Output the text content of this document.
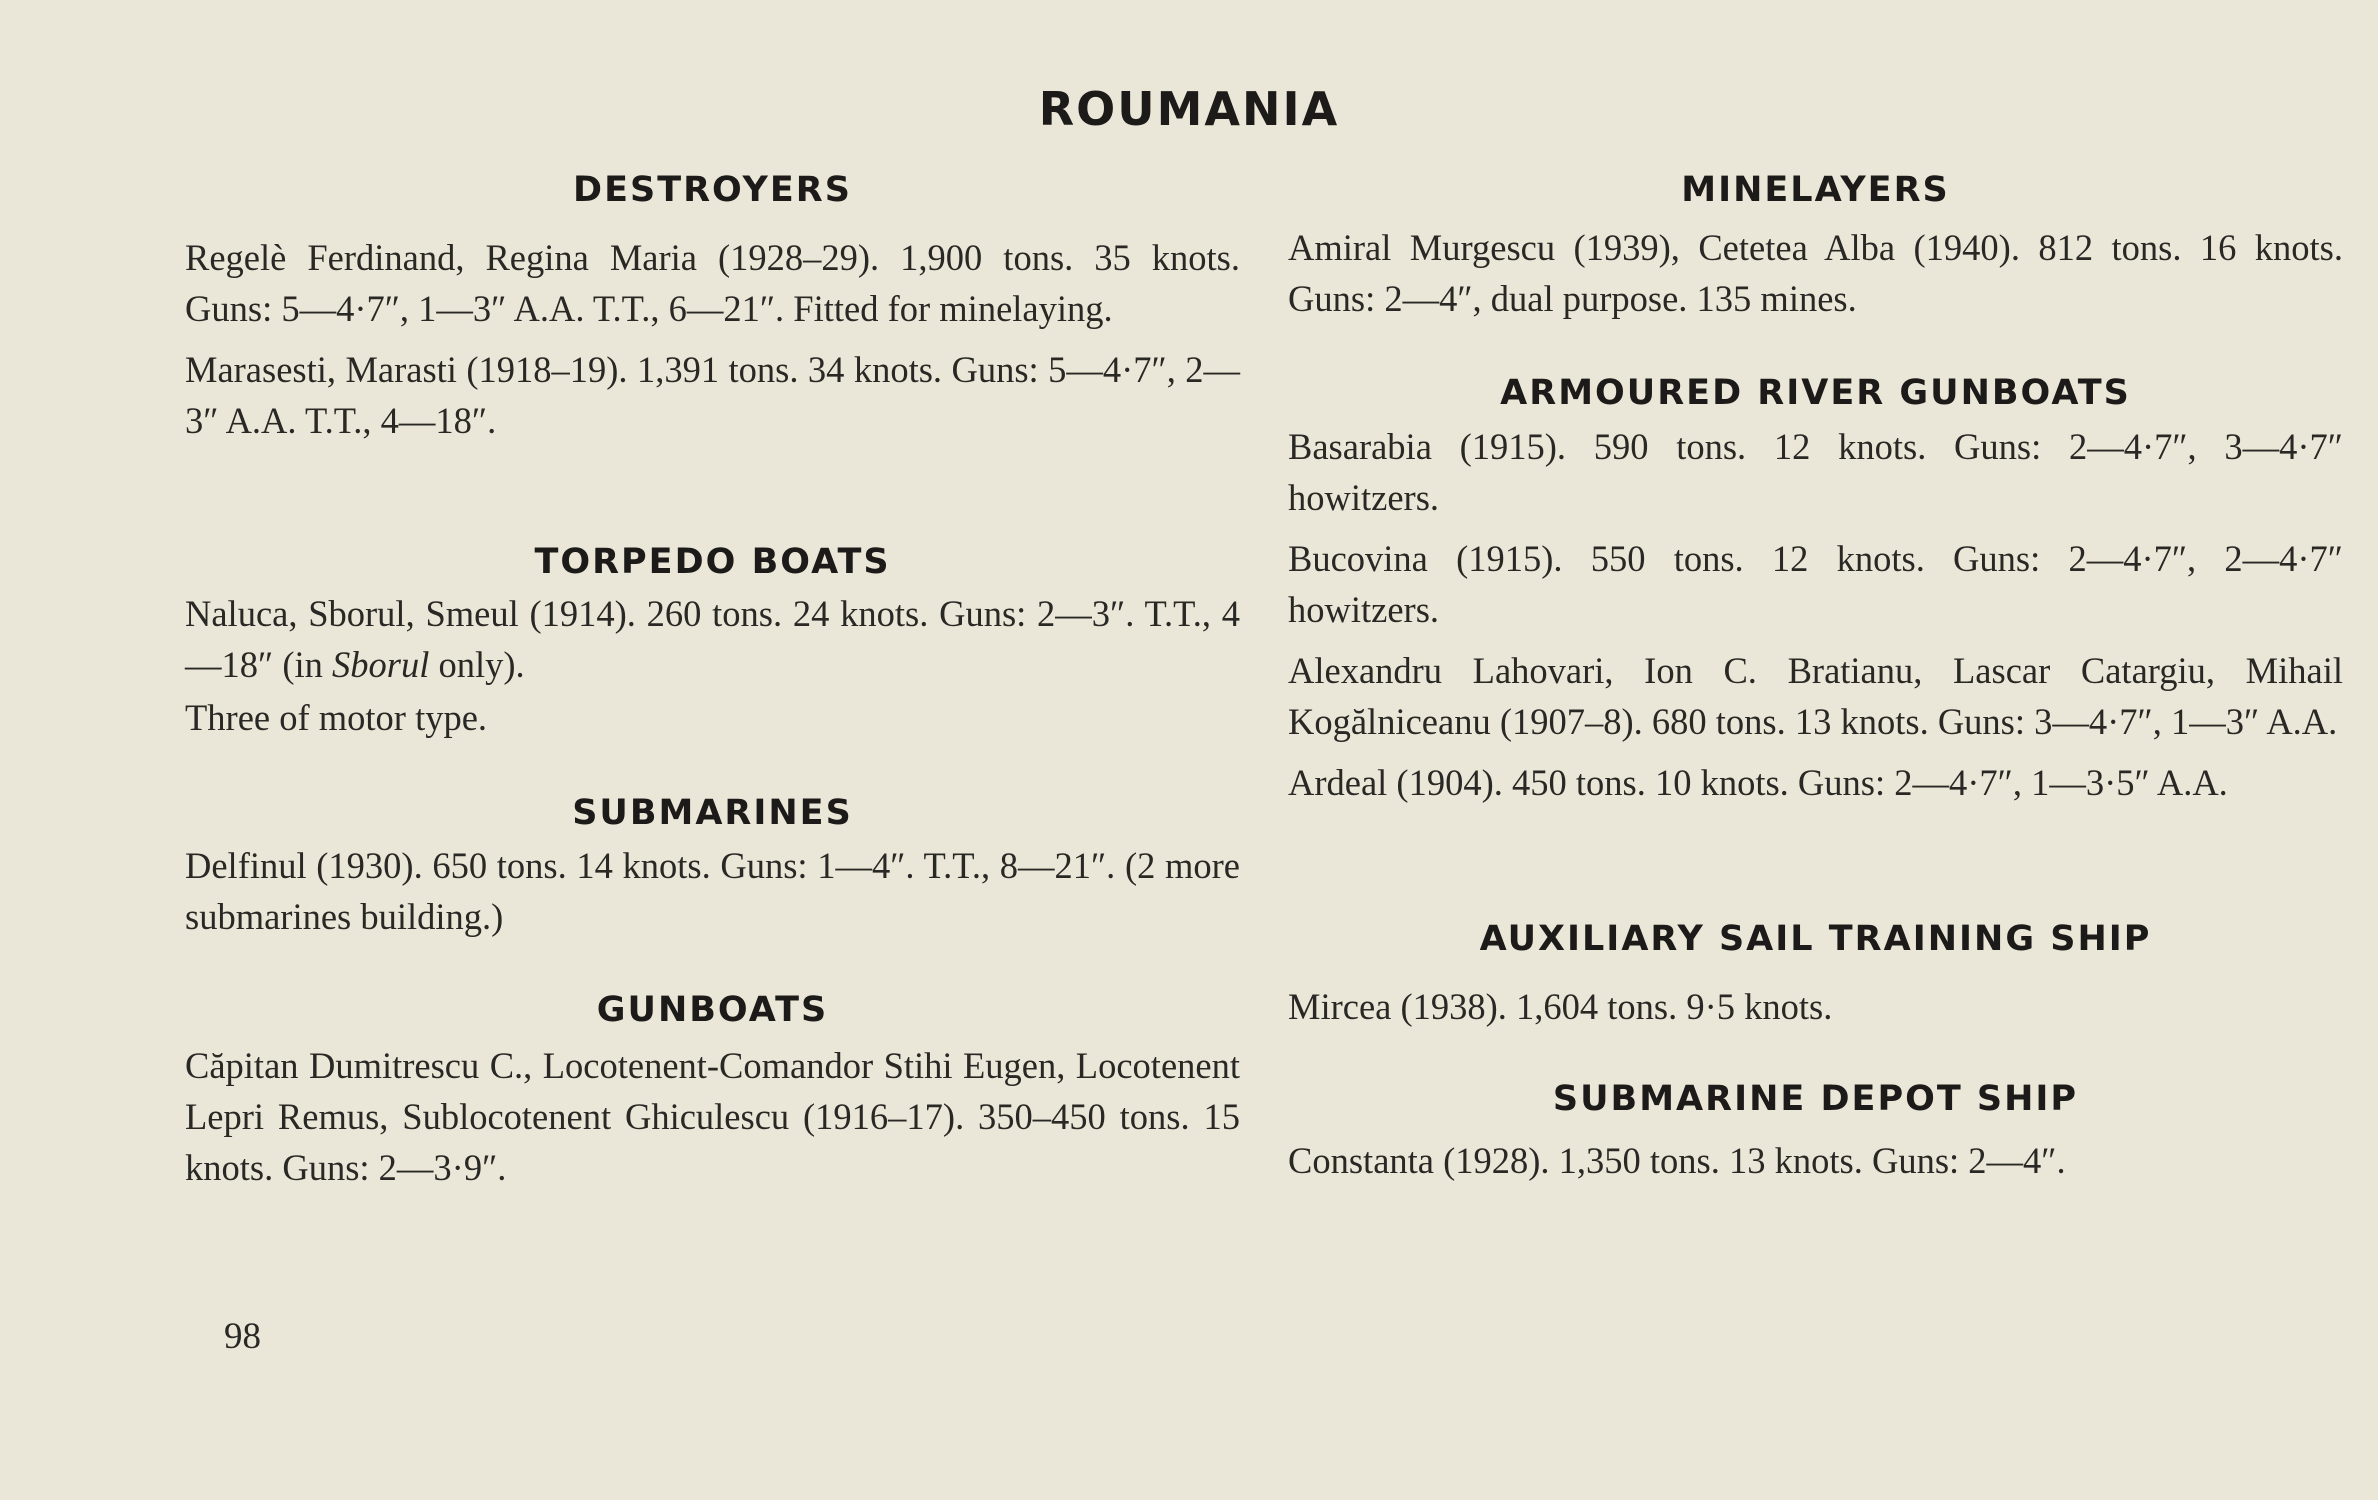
ROUMANIA
DESTROYERS

Regelè Ferdinand, Regina Maria (1928–29). 1,900 tons. 35 knots. Guns: 5—4·7″, 1—3″ A.A. T.T., 6—21″. Fitted for minelaying.

Marasesti, Marasti (1918–19). 1,391 tons. 34 knots. Guns: 5—4·7″, 2—3″ A.A. T.T., 4—18″.

TORPEDO BOATS

Naluca, Sborul, Smeul (1914). 260 tons. 24 knots. Guns: 2—3″. T.T., 4—18″ (in Sborul only).

Three of motor type.

SUBMARINES

Delfinul (1930). 650 tons. 14 knots. Guns: 1—4″. T.T., 8—21″. (2 more submarines building.)

GUNBOATS

Căpitan Dumitrescu C., Locotenent-Comandor Stihi Eugen, Locotenent Lepri Remus, Sublocotenent Ghiculescu (1916–17). 350–450 tons. 15 knots. Guns: 2—3·9″.

MINELAYERS

Amiral Murgescu (1939), Cetetea Alba (1940). 812 tons. 16 knots. Guns: 2—4″, dual purpose. 135 mines.

ARMOURED RIVER GUNBOATS

Basarabia (1915). 590 tons. 12 knots. Guns: 2—4·7″, 3—4·7″ howitzers.

Bucovina (1915). 550 tons. 12 knots. Guns: 2—4·7″, 2—4·7″ howitzers.

Alexandru Lahovari, Ion C. Bratianu, Lascar Catargiu, Mihail Kogălniceanu (1907–8). 680 tons. 13 knots. Guns: 3—4·7″, 1—3″ A.A.

Ardeal (1904). 450 tons. 10 knots. Guns: 2—4·7″, 1—3·5″ A.A.

AUXILIARY SAIL TRAINING SHIP

Mircea (1938). 1,604 tons. 9·5 knots.

SUBMARINE DEPOT SHIP

Constanta (1928). 1,350 tons. 13 knots. Guns: 2—4″.

98
